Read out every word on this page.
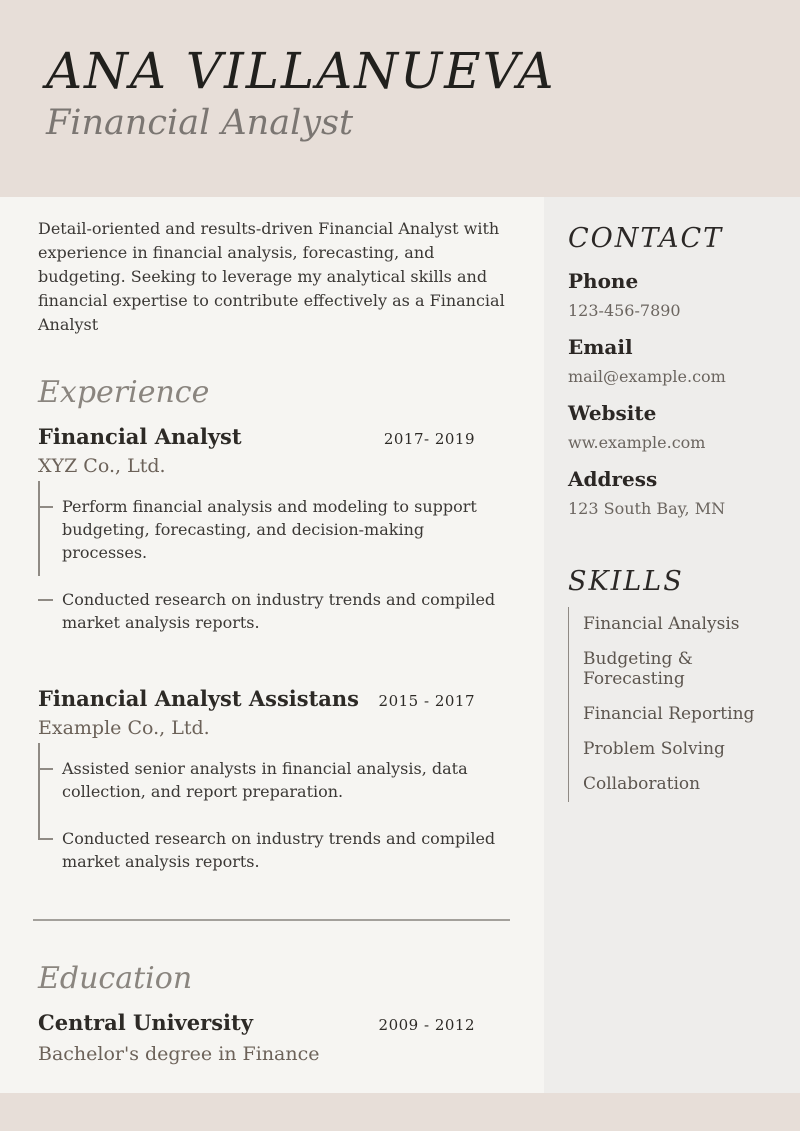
ANA VILLANUEVA
Financial Analyst

Detail-oriented and results-driven Financial Analyst with experience in financial analysis, forecasting, and budgeting. Seeking to leverage my analytical skills and financial expertise to contribute effectively as a Financial Analyst

Experience
Financial Analyst	2017- 2019
XYZ Co., Ltd.
Perform financial analysis and modeling to support budgeting, forecasting, and decision-making processes.
Conducted research on industry trends and compiled market analysis reports.
Financial Analyst Assistans 2015 - 2017
Example Co., Ltd.
Assisted senior analysts in financial analysis, data collection, and report preparation.
Conducted research on industry trends and compiled market analysis reports.
Education
Central University	2009 - 2012
Bachelor's degree in Finance
CONTACT
Phone
123-456-7890
Email
mail@example.com
Website
ww.example.com
Address
123 South Bay, MN
SKILLS
Financial Analysis
Budgeting & Forecasting
Financial Reporting
Problem Solving
Collaboration
